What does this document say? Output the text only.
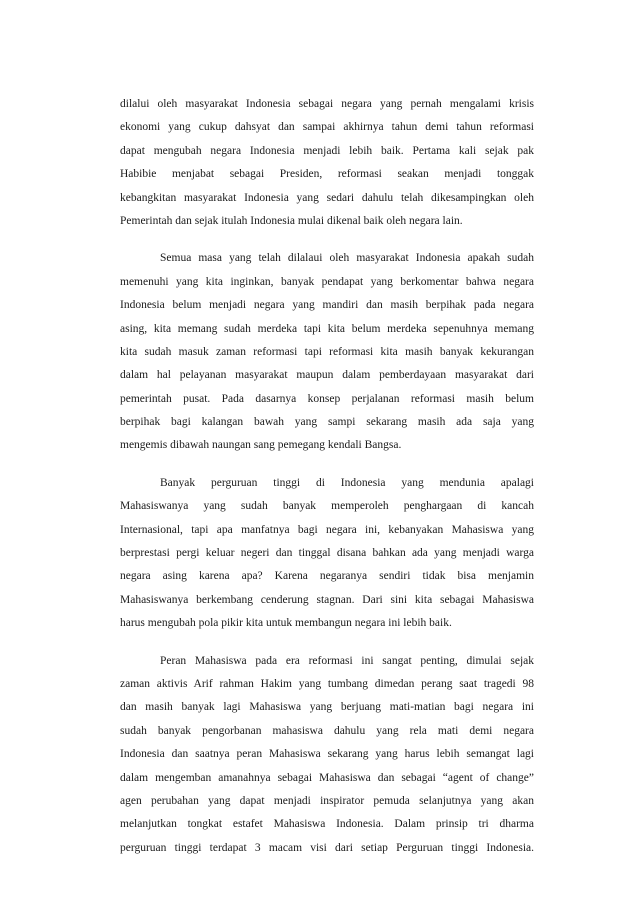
dilalui oleh masyarakat Indonesia sebagai negara yang pernah mengalami krisis
ekonomi yang cukup dahsyat dan sampai akhirnya tahun demi tahun reformasi
dapat mengubah negara Indonesia menjadi lebih baik. Pertama kali sejak pak
Habibie menjabat sebagai Presiden, reformasi seakan menjadi tonggak
kebangkitan masyarakat Indonesia yang sedari dahulu telah dikesampingkan oleh
Pemerintah dan sejak itulah Indonesia mulai dikenal baik oleh negara lain.
Semua masa yang telah dilalaui oleh masyarakat Indonesia apakah sudah
memenuhi yang kita inginkan, banyak pendapat yang berkomentar bahwa negara
Indonesia belum menjadi negara yang mandiri dan masih berpihak pada negara
asing, kita memang sudah merdeka tapi kita belum merdeka sepenuhnya memang
kita sudah masuk zaman reformasi tapi reformasi kita masih banyak kekurangan
dalam hal pelayanan masyarakat maupun dalam pemberdayaan masyarakat dari
pemerintah pusat. Pada dasarnya konsep perjalanan reformasi masih belum
berpihak bagi kalangan bawah yang sampi sekarang masih ada saja yang
mengemis dibawah naungan sang pemegang kendali Bangsa.
Banyak perguruan tinggi di Indonesia yang mendunia apalagi
Mahasiswanya yang sudah banyak memperoleh penghargaan di kancah
Internasional, tapi apa manfatnya bagi negara ini, kebanyakan Mahasiswa yang
berprestasi pergi keluar negeri dan tinggal disana bahkan ada yang menjadi warga
negara asing karena apa? Karena negaranya sendiri tidak bisa menjamin
Mahasiswanya berkembang cenderung stagnan. Dari sini kita sebagai Mahasiswa
harus mengubah pola pikir kita untuk membangun negara ini lebih baik.
Peran Mahasiswa pada era reformasi ini sangat penting, dimulai sejak
zaman aktivis Arif rahman Hakim yang tumbang dimedan perang saat tragedi 98
dan masih banyak lagi Mahasiswa yang berjuang mati-matian bagi negara ini
sudah banyak pengorbanan mahasiswa dahulu yang rela mati demi negara
Indonesia dan saatnya peran Mahasiswa sekarang yang harus lebih semangat lagi
dalam mengemban amanahnya sebagai Mahasiswa dan sebagai “agent of change”
agen perubahan yang dapat menjadi inspirator pemuda selanjutnya yang akan
melanjutkan tongkat estafet Mahasiswa Indonesia. Dalam prinsip tri dharma
perguruan tinggi terdapat 3 macam visi dari setiap Perguruan tinggi Indonesia.
